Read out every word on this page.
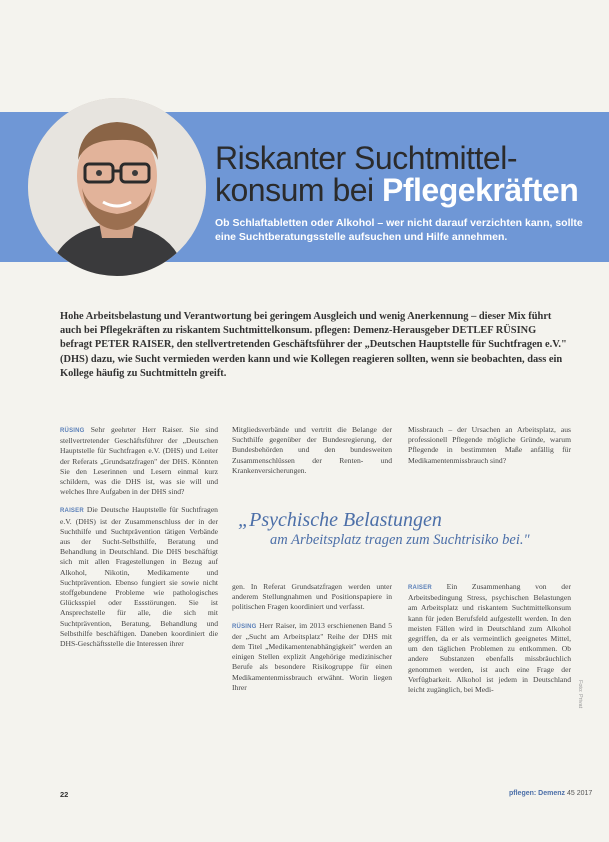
Riskanter Suchtmittel-
konsum bei Pflegekräften
Ob Schlaftabletten oder Alkohol – wer nicht darauf verzichten kann, sollte eine Suchtberatungsstelle aufsuchen und Hilfe annehmen.
Hohe Arbeitsbelastung und Verantwortung bei geringem Ausgleich und wenig Anerkennung – dieser Mix führt auch bei Pflegekräften zu riskantem Suchtmittelkonsum. pflegen: Demenz-Herausgeber DETLEF RÜSING befragt PETER RAISER, den stellvertretenden Geschäftsführer der „Deutschen Hauptstelle für Suchtfragen e.V." (DHS) dazu, wie Sucht vermieden werden kann und wie Kollegen reagieren sollten, wenn sie beobachten, dass ein Kollege häufig zu Suchtmitteln greift.

RÜSING Sehr geehrter Herr Raiser. Sie sind stellvertretender Geschäftsführer der „Deutschen Hauptstelle für Suchtfragen e.V. (DHS) und Leiter der Referats „Grundsatzfragen" der DHS. Könnten Sie den Leserinnen und Lesern einmal kurz schildern, was die DHS ist, was sie will und welches Ihre Aufgaben in der DHS sind?

RAISER Die Deutsche Hauptstelle für Suchtfragen e.V. (DHS) ist der Zusammenschluss der in der Suchthilfe und Suchtprävention tätigen Verbände aus der Sucht-Selbsthilfe, Beratung und Behandlung in Deutschland. Die DHS beschäftigt sich mit allen Fragestellungen in Bezug auf Alkohol, Nikotin, Medikamente und Suchtprävention. Ebenso fungiert sie sowie nicht stoffgebundene Probleme wie pathologisches Glücksspiel oder Essstörungen. Sie ist Ansprechstelle für alle, die sich mit Suchtprävention, Beratung, Behandlung und Selbsthilfe beschäftigen. Daneben koordiniert die DHS-Geschäftsstelle die Interessen ihrer

Mitgliedsverbände und vertritt die Belange der Suchthilfe gegenüber der Bundesregierung, der Bundesbehörden und den bundesweiten Zusammenschlüssen der Renten- und Krankenversicherungen.

Missbrauch – der Ursachen an Arbeitsplatz, aus professionell Pflegende mögliche Gründe, warum Pflegende in bestimmten Maße anfällig für Medikamentenmissbrauch sind?

„Psychische Belastungen
am Arbeitsplatz tragen zum Suchtrisiko bei."

gen. In Referat Grundsatzfragen werden unter anderem Stellungnahmen und Positionspapiere in politischen Fragen koordiniert und verfasst.

RÜSING Herr Raiser, im 2013 erschienenen Band 5 der „Sucht am Arbeitsplatz" Reihe der DHS mit dem Titel „Medikamentenabhängigkeit" werden an einigen Stellen explizit Angehörige medizinischer Berufe als besondere Risikogruppe für einen Medikamentenmissbrauch erwähnt. Worin liegen Ihrer

RAISER Ein Zusammenhang von der Arbeitsbedingung Stress, psychischen Belastungen am Arbeitsplatz und riskantem Suchtmittelkonsum kann für jeden Berufsfeld aufgestellt werden. In den meisten Fällen wird in Deutschland zum Alkohol gegriffen, da er als vermeintlich geeignetes Mittel, um den täglichen Problemen zu entkommen. Ob andere Substanzen ebenfalls missbräuchlich genommen werden, ist auch eine Frage der Verfügbarkeit. Alkohol ist jedem in Deutschland leicht zugänglich, bei Medi-

22	pflegen: Demenz 45 2017
Foto: Privat
